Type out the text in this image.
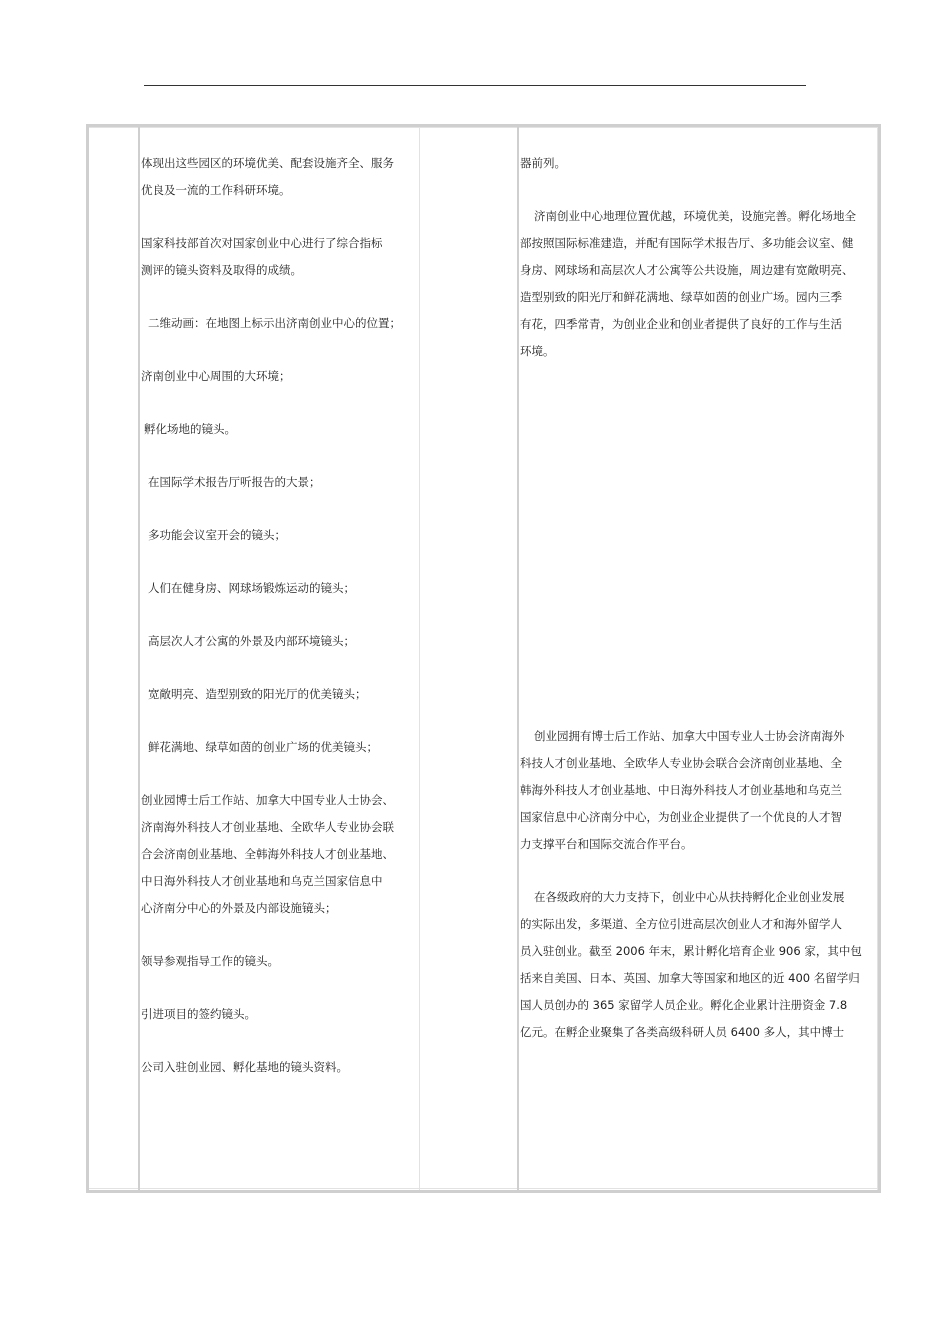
体现出这些园区的环境优美、配套设施齐全、服务
优良及一流的工作科研环境。
国家科技部首次对国家创业中心进行了综合指标
测评的镜头资料及取得的成绩。
二维动画：在地图上标示出济南创业中心的位置；
济南创业中心周围的大环境；
孵化场地的镜头。
在国际学术报告厅听报告的大景；
多功能会议室开会的镜头；
人们在健身房、网球场锻炼运动的镜头；
高层次人才公寓的外景及内部环境镜头；
宽敞明亮、造型别致的阳光厅的优美镜头；
鲜花满地、绿草如茵的创业广场的优美镜头；
创业园博士后工作站、加拿大中国专业人士协会、
济南海外科技人才创业基地、全欧华人专业协会联
合会济南创业基地、全韩海外科技人才创业基地、
中日海外科技人才创业基地和乌克兰国家信息中
心济南分中心的外景及内部设施镜头；
领导参观指导工作的镜头。
引进项目的签约镜头。
公司入驻创业园、孵化基地的镜头资料。
器前列。
济南创业中心地理位置优越，环境优美，设施完善。孵化场地全
部按照国际标准建造，并配有国际学术报告厅、多功能会议室、健
身房、网球场和高层次人才公寓等公共设施，周边建有宽敞明亮、
造型别致的阳光厅和鲜花满地、绿草如茵的创业广场。园内三季
有花，四季常青，为创业企业和创业者提供了良好的工作与生活
环境。
创业园拥有博士后工作站、加拿大中国专业人士协会济南海外
科技人才创业基地、全欧华人专业协会联合会济南创业基地、全
韩海外科技人才创业基地、中日海外科技人才创业基地和乌克兰
国家信息中心济南分中心，为创业企业提供了一个优良的人才智
力支撑平台和国际交流合作平台。
在各级政府的大力支持下，创业中心从扶持孵化企业创业发展
的实际出发，多渠道、全方位引进高层次创业人才和海外留学人
员入驻创业。截至 2006 年末，累计孵化培育企业 906 家，其中包
括来自美国、日本、英国、加拿大等国家和地区的近 400 名留学归
国人员创办的 365 家留学人员企业。孵化企业累计注册资金 7.8
亿元。在孵企业聚集了各类高级科研人员 6400 多人，其中博士
